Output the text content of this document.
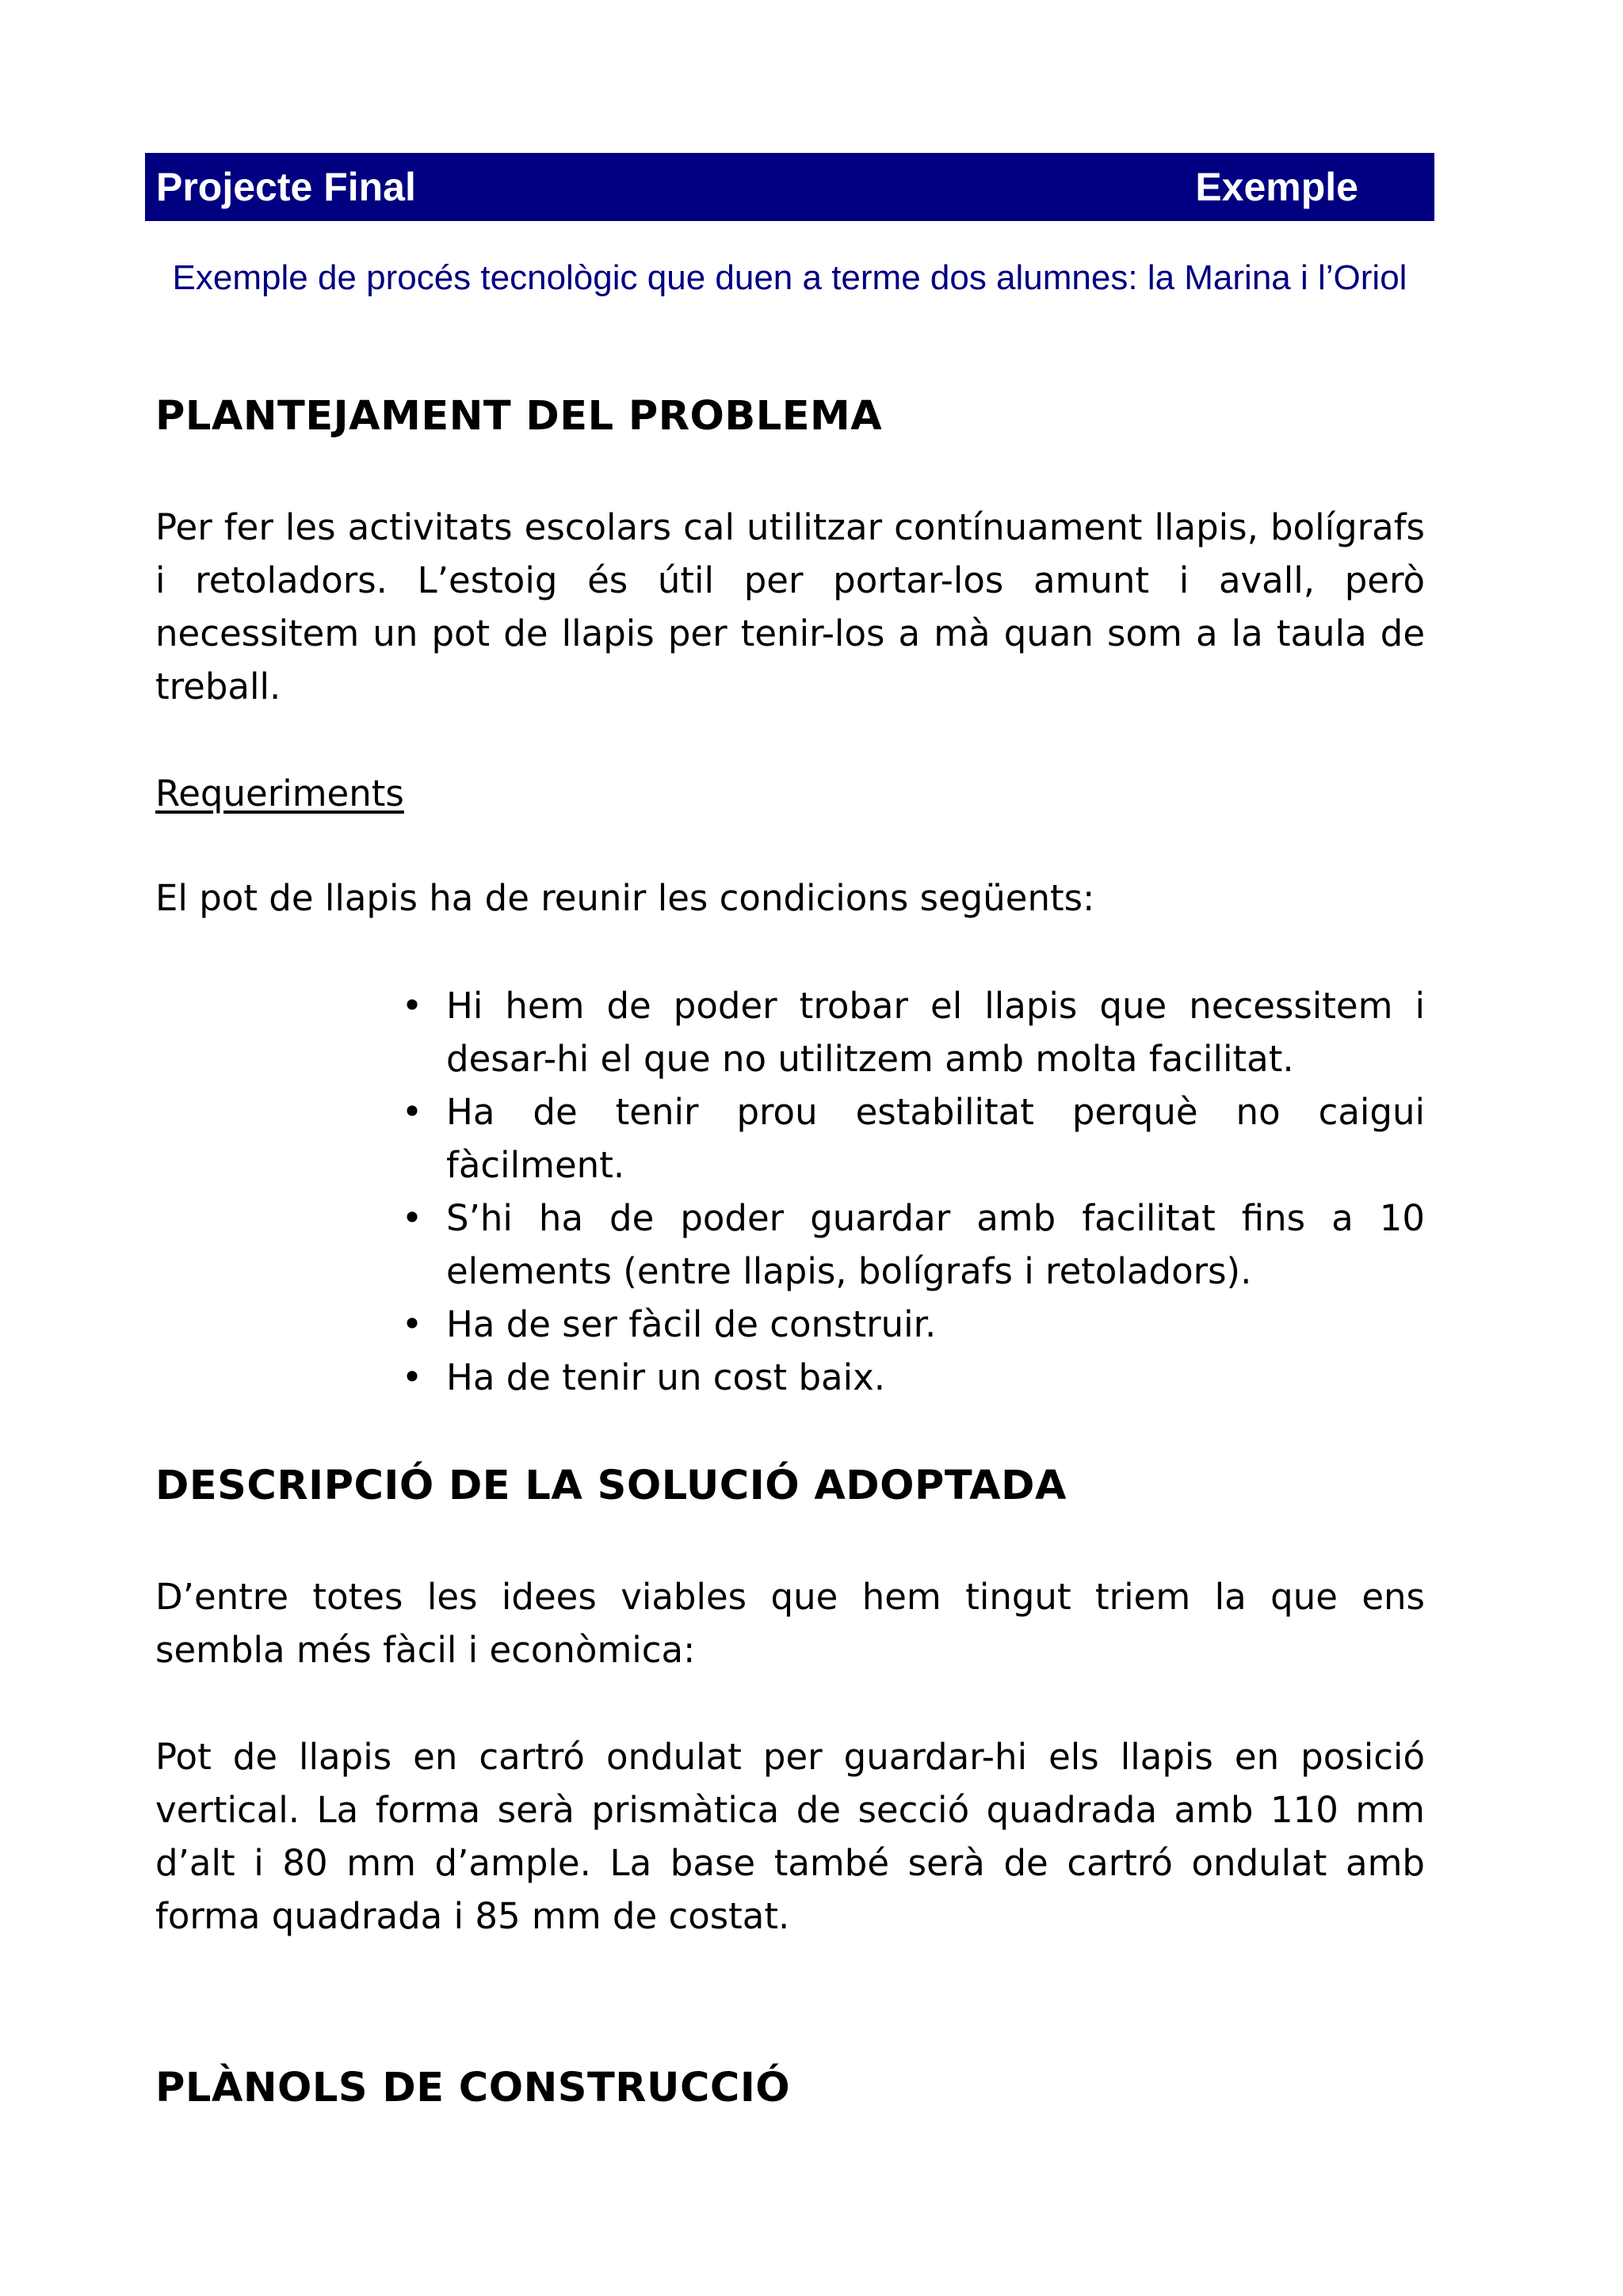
Projecte Final	Exemple
Exemple de procés tecnològic que duen a terme dos alumnes: la Marina i l’Oriol
PLANTEJAMENT DEL PROBLEMA
Per fer les activitats escolars cal utilitzar contínuament llapis, bolígrafs i retoladors. L’estoig és útil per portar-los amunt i avall, però necessitem un pot de llapis per tenir-los a mà quan som a la taula de treball.
Requeriments
El pot de llapis ha de reunir les condicions següents:
• Hi hem de poder trobar el llapis que necessitem i desar-hi el que no utilitzem amb molta facilitat.
• Ha de tenir prou estabilitat perquè no caigui fàcilment.
• S’hi ha de poder guardar amb facilitat fins a 10 elements (entre llapis, bolígrafs i retoladors).
• Ha de ser fàcil de construir.
• Ha de tenir un cost baix.
DESCRIPCIÓ DE LA SOLUCIÓ ADOPTADA
D’entre totes les idees viables que hem tingut triem la que ens sembla més fàcil i econòmica:
Pot de llapis en cartró ondulat per guardar-hi els llapis en posició vertical. La forma serà prismàtica de secció quadrada amb 110 mm d’alt i 80 mm d’ample. La base també serà de cartró ondulat amb forma quadrada i 85 mm de costat.
PLÀNOLS DE CONSTRUCCIÓ
